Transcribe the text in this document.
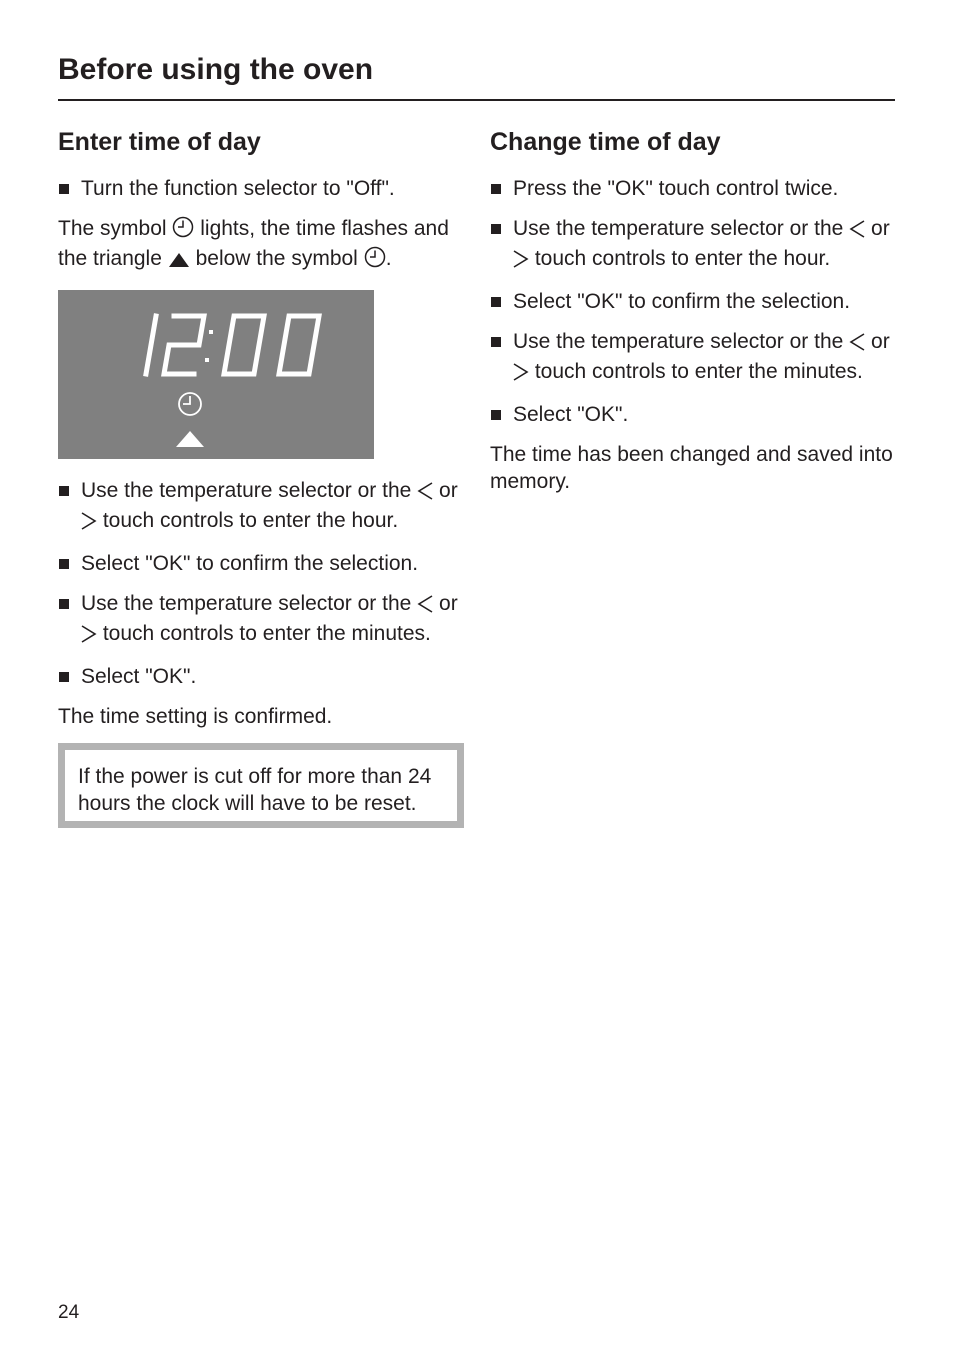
Before using the oven
Enter time of day
Turn the function selector to "Off".
The symbol lights, the time flashes and the triangle below the symbol .
Use the temperature selector or the or  touch controls to enter the hour.
Select "OK" to confirm the selection.
Use the temperature selector or the or  touch controls to enter the minutes.
Select "OK".

The time setting is confirmed.

If the power is cut off for more than 24 hours the clock will have to be reset.

Change time of day
Press the "OK" touch control twice.
Use the temperature selector or the or  touch controls to enter the hour.
Select "OK" to confirm the selection.
Use the temperature selector or the or  touch controls to enter the minutes.
Select "OK".

The time has been changed and saved into memory.

24
